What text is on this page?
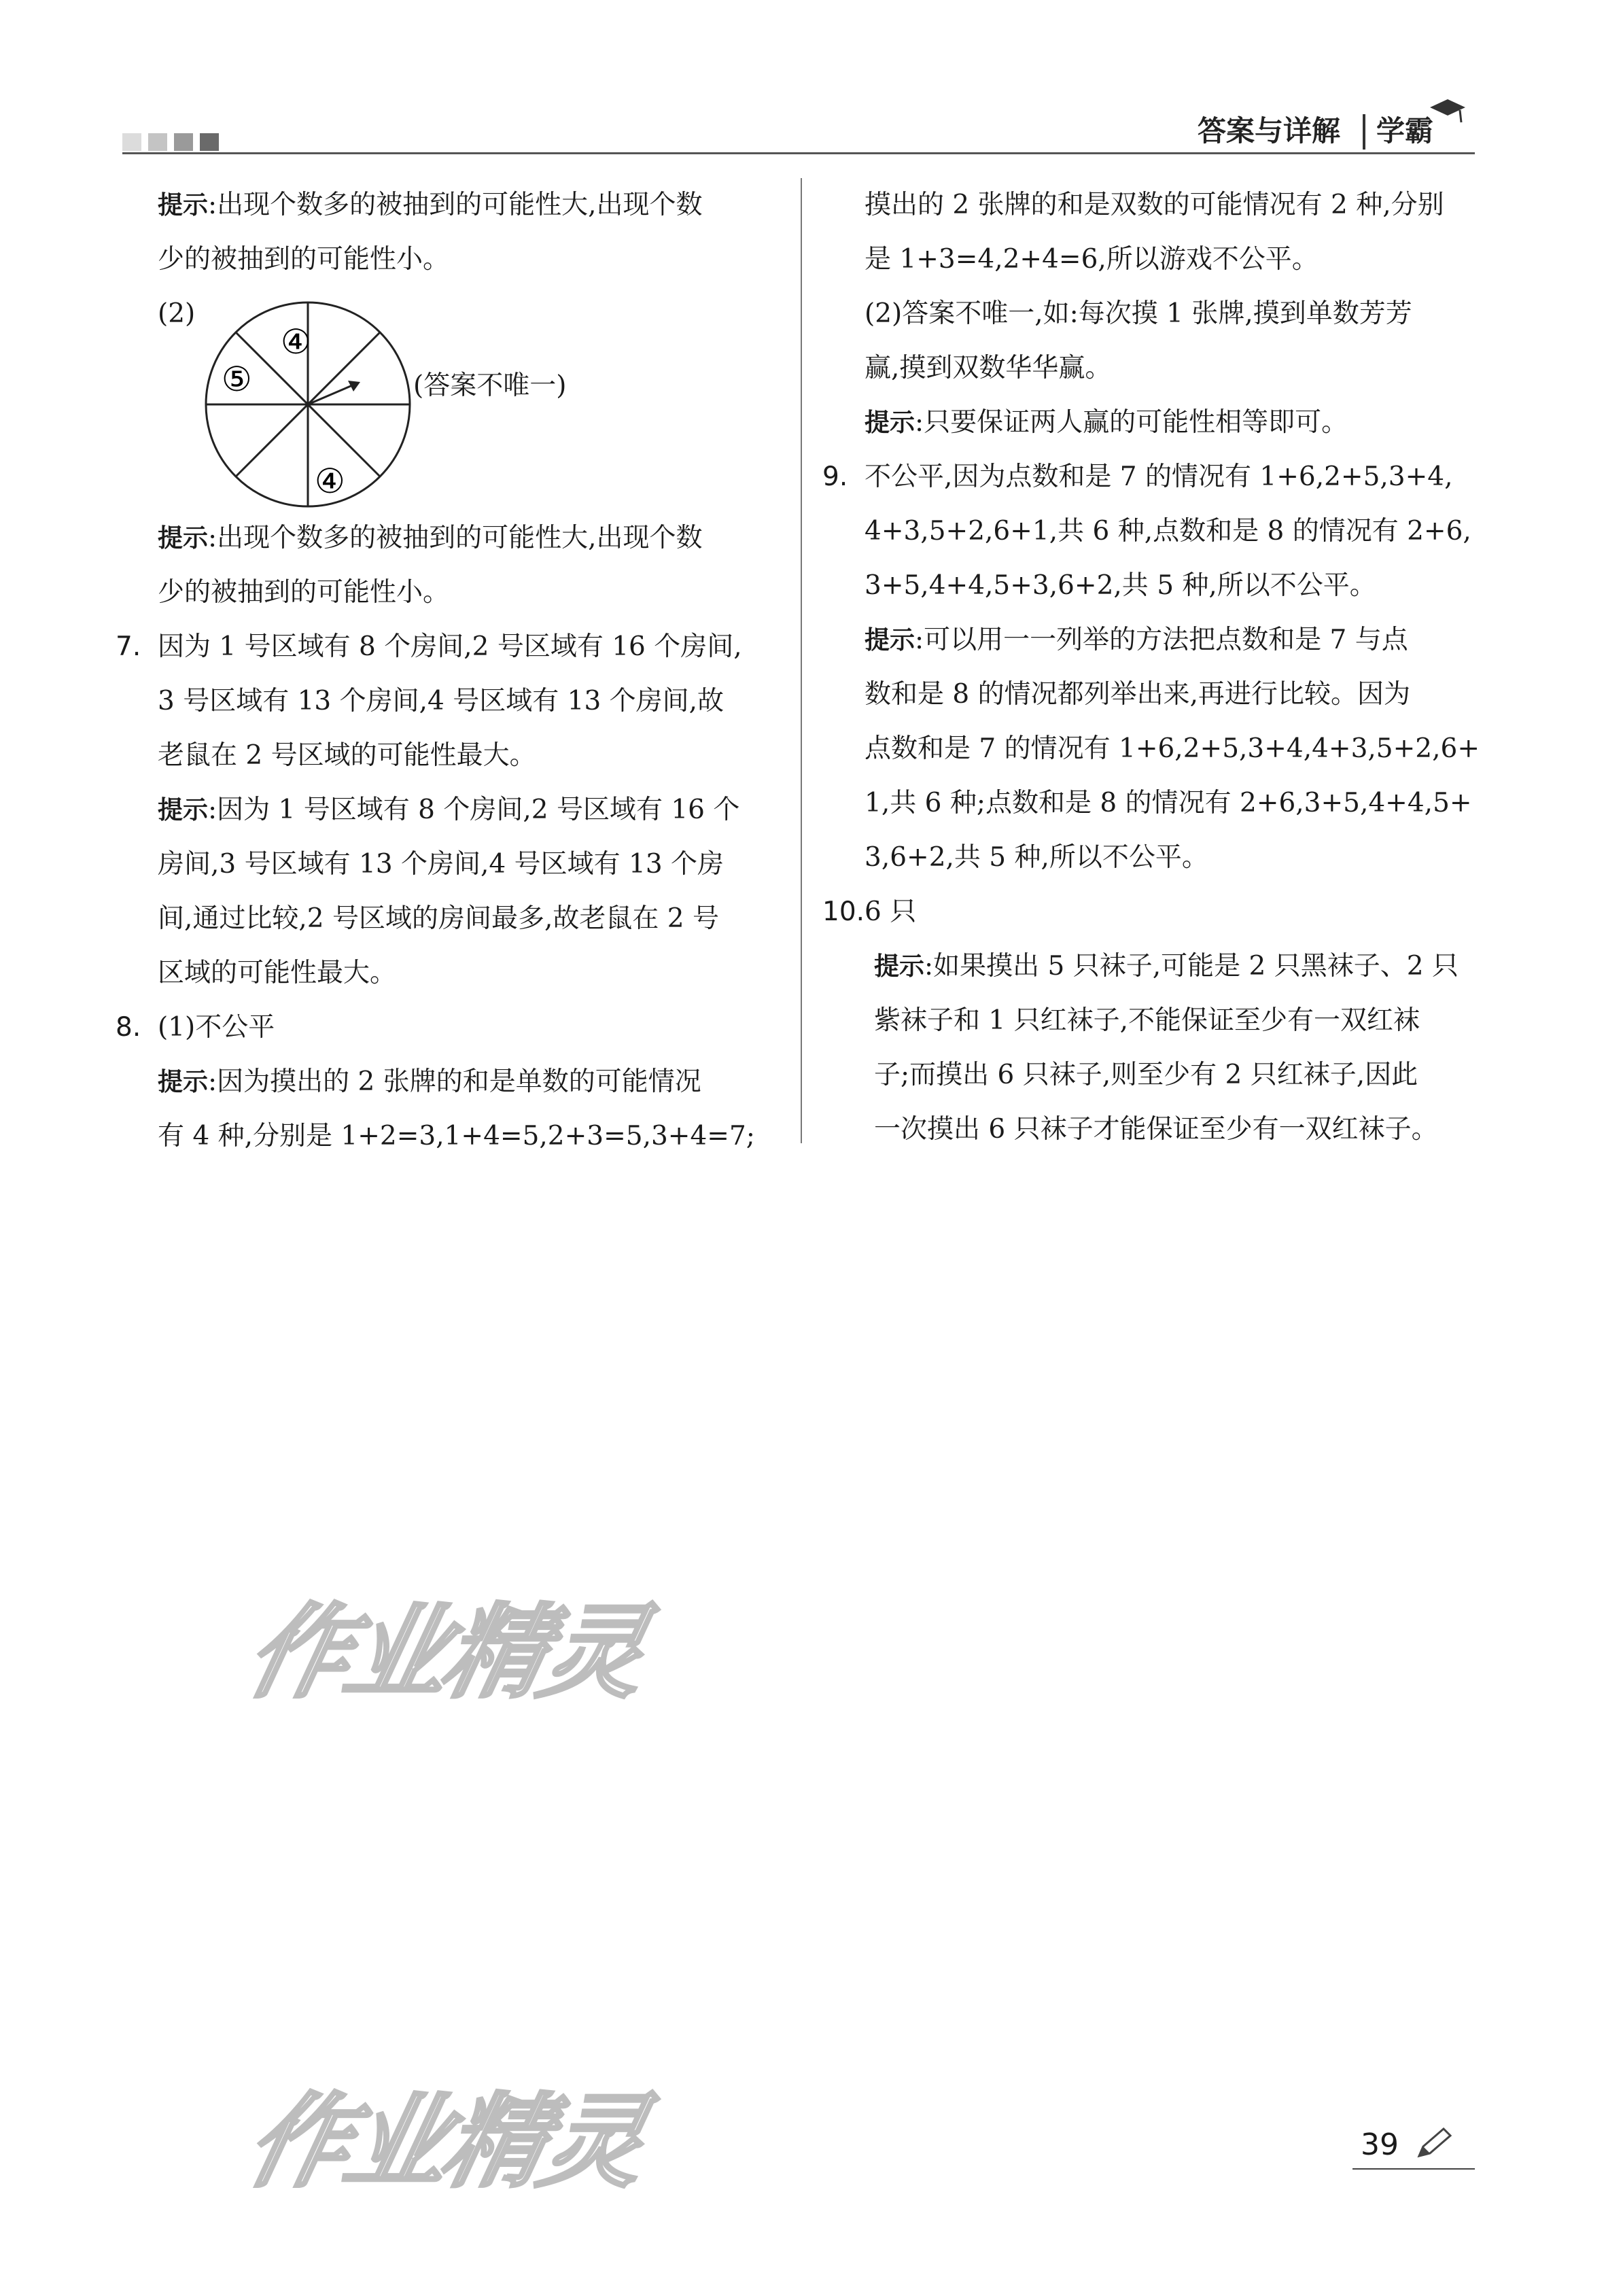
答案与详解 学霸

提示:出现个数多的被抽到的可能性大,出现个数

少的被抽到的可能性小。

(2)
④
⑤
④
(答案不唯一)

提示:出现个数多的被抽到的可能性大,出现个数

少的被抽到的可能性小。

7. 因为 1 号区域有 8 个房间,2 号区域有 16 个房间,

3 号区域有 13 个房间,4 号区域有 13 个房间,故

老鼠在 2 号区域的可能性最大。

提示:因为 1 号区域有 8 个房间,2 号区域有 16 个

房间,3 号区域有 13 个房间,4 号区域有 13 个房

间,通过比较,2 号区域的房间最多,故老鼠在 2 号

区域的可能性最大。

8. (1)不公平

提示:因为摸出的 2 张牌的和是单数的可能情况

有 4 种,分别是 1+2=3,1+4=5,2+3=5,3+4=7;

摸出的 2 张牌的和是双数的可能情况有 2 种,分别

是 1+3=4,2+4=6,所以游戏不公平。

(2)答案不唯一,如:每次摸 1 张牌,摸到单数芳芳

赢,摸到双数华华赢。

提示:只要保证两人赢的可能性相等即可。

9. 不公平,因为点数和是 7 的情况有 1+6,2+5,3+4,

4+3,5+2,6+1,共 6 种,点数和是 8 的情况有 2+6,

3+5,4+4,5+3,6+2,共 5 种,所以不公平。

提示:可以用一一列举的方法把点数和是 7 与点

数和是 8 的情况都列举出来,再进行比较。因为

点数和是 7 的情况有 1+6,2+5,3+4,4+3,5+2,6+

1,共 6 种;点数和是 8 的情况有 2+6,3+5,4+4,5+

3,6+2,共 5 种,所以不公平。

10.6 只

提示:如果摸出 5 只袜子,可能是 2 只黑袜子、2 只

紫袜子和 1 只红袜子,不能保证至少有一双红袜

子;而摸出 6 只袜子,则至少有 2 只红袜子,因此

一次摸出 6 只袜子才能保证至少有一双红袜子。

作业精灵
作业精灵	39
